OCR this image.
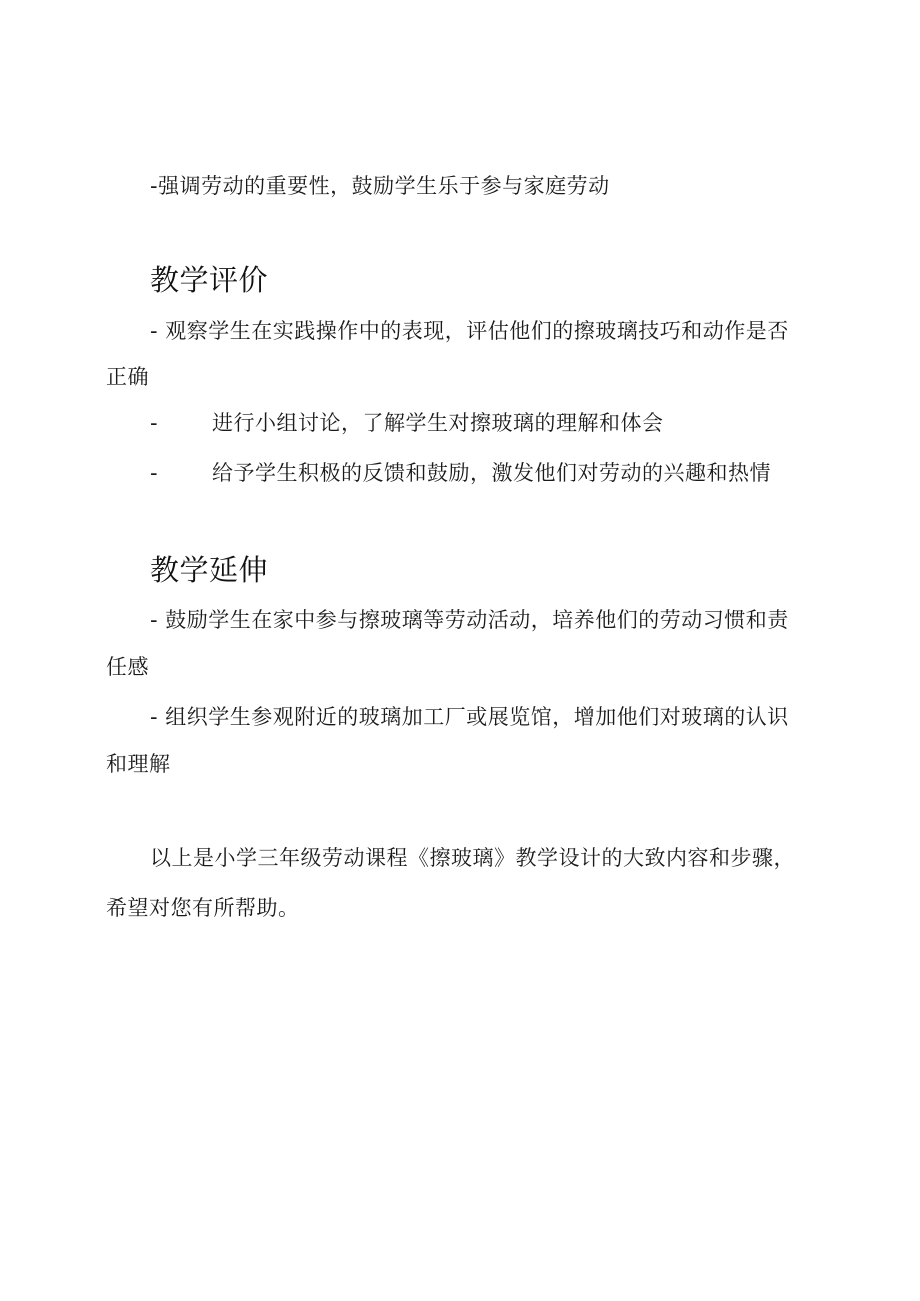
-强调劳动的重要性，鼓励学生乐于参与家庭劳动
教学评价
- 观察学生在实践操作中的表现，评估他们的擦玻璃技巧和动作是否
正确
-	进行小组讨论，了解学生对擦玻璃的理解和体会
-	给予学生积极的反馈和鼓励，激发他们对劳动的兴趣和热情
教学延伸
- 鼓励学生在家中参与擦玻璃等劳动活动，培养他们的劳动习惯和责
任感
- 组织学生参观附近的玻璃加工厂或展览馆，增加他们对玻璃的认识
和理解
以上是小学三年级劳动课程《擦玻璃》教学设计的大致内容和步骤，
希望对您有所帮助。
